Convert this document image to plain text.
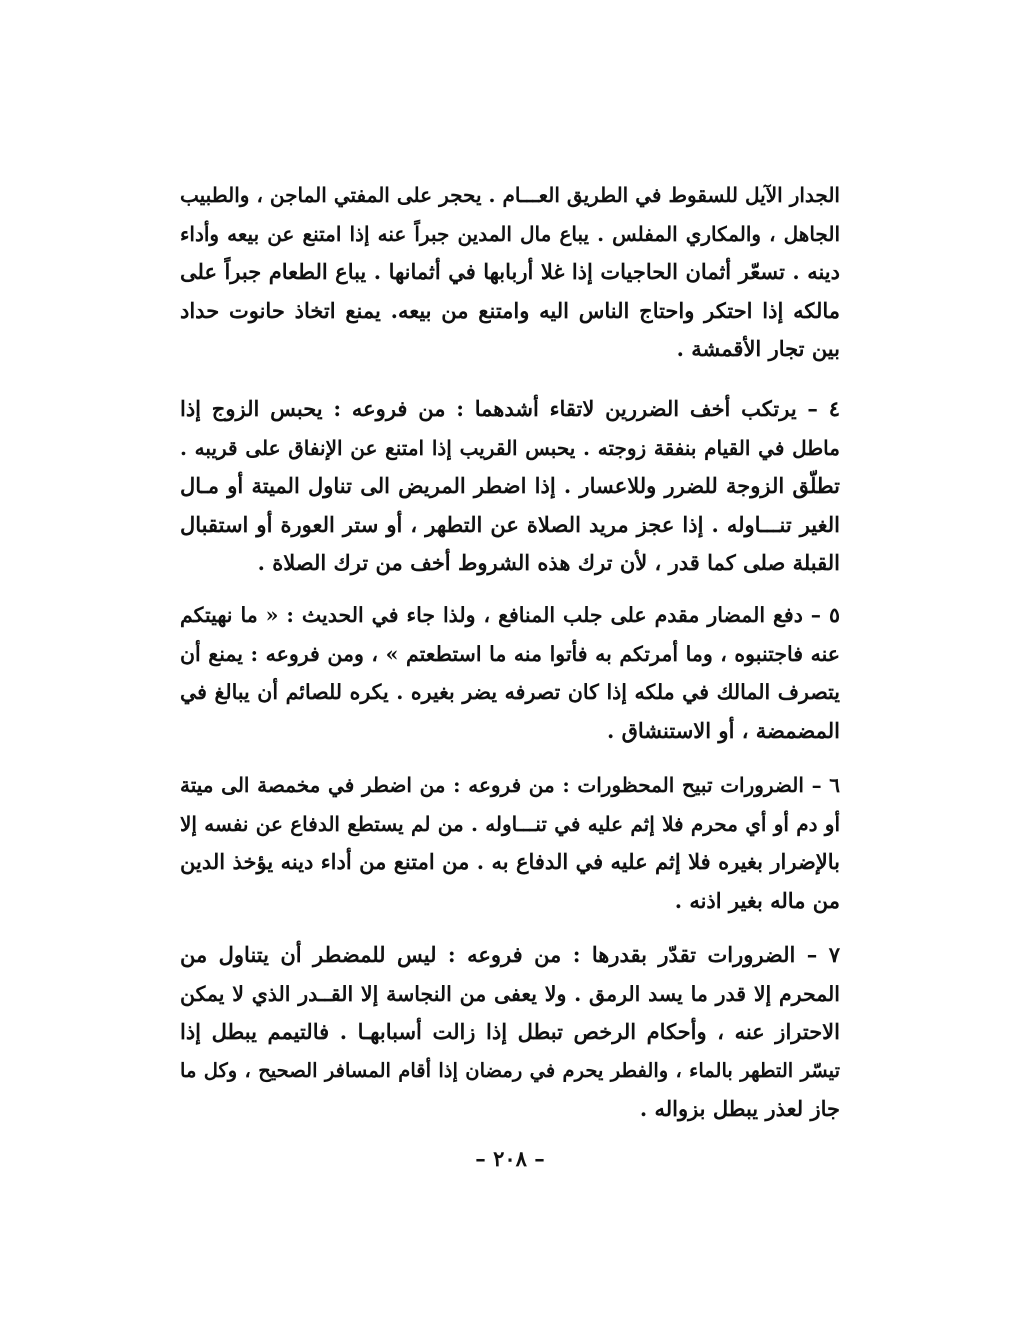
الجدار الآيل للسقوط في الطريق العـــام . يحجر على المفتي الماجن ، والطبيب
الجاهل ، والمكاري المفلس . يباع مال المدين جبراً عنه إذا امتنع عن بيعه وأداء
دينه . تسعّر أثمان الحاجيات إذا غلا أربابها في أثمانها . يباع الطعام جبراً على
مالكه إذا احتكر واحتاج الناس اليه وامتنع من بيعه. يمنع اتخاذ حانوت حداد
بين تجار الأقمشة .
٤ – يرتكب أخف الضررين لاتقاء أشدهما : من فروعه : يحبس الزوج إذا
ماطل في القيام بنفقة زوجته . يحبس القريب إذا امتنع عن الإنفاق على قريبه .
تطلّق الزوجة للضرر وللاعسار . إذا اضطر المريض الى تناول الميتة أو مـال
الغير تنـــاوله . إذا عجز مريد الصلاة عن التطهر ، أو ستر العورة أو استقبال
القبلة صلى كما قدر ، لأن ترك هذه الشروط أخف من ترك الصلاة .
٥ – دفع المضار مقدم على جلب المنافع ، ولذا جاء في الحديث : « ما نهيتكم
عنه فاجتنبوه ، وما أمرتكم به فأتوا منه ما استطعتم » ، ومن فروعه : يمنع أن
يتصرف المالك في ملكه إذا كان تصرفه يضر بغيره . يكره للصائم أن يبالغ في
المضمضة ، أو الاستنشاق .
٦ – الضرورات تبيح المحظورات : من فروعه : من اضطر في مخمصة الى ميتة
أو دم أو أي محرم فلا إثم عليه في تنـــاوله . من لم يستطع الدفاع عن نفسه إلا
بالإضرار بغيره فلا إثم عليه في الدفاع به . من امتنع من أداء دينه يؤخذ الدين
من ماله بغير اذنه .
٧ – الضرورات تقدّر بقدرها : من فروعه : ليس للمضطر أن يتناول من
المحرم إلا قدر ما يسد الرمق . ولا يعفى من النجاسة إلا القــدر الذي لا يمكن
الاحتراز عنه ، وأحكام الرخص تبطل إذا زالت أسبابهـا . فالتيمم يبطل إذا
تيسّر التطهر بالماء ، والفطر يحرم في رمضان إذا أقام المسافر الصحيح ، وكل ما
جاز لعذر يبطل بزواله .
– ٢٠٨ –
